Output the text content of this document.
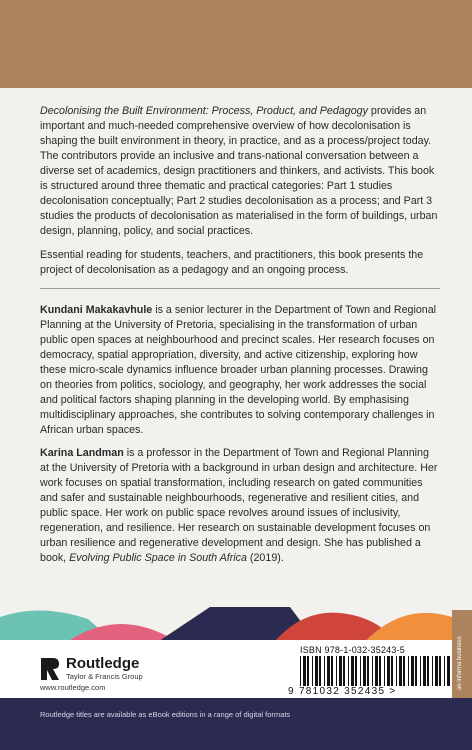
Decolonising the Built Environment: Process, Product, and Pedagogy provides an important and much-needed comprehensive overview of how decolonisation is shaping the built environment in theory, in practice, and as a process/project today. The contributors provide an inclusive and trans-national conversation between a diverse set of academics, design practitioners and thinkers, and activists. This book is structured around three thematic and practical categories: Part 1 studies decolonisation conceptually; Part 2 studies decolonisation as a process; and Part 3 studies the products of decolonisation as materialised in the form of buildings, urban design, planning, policy, and social practices.

Essential reading for students, teachers, and practitioners, this book presents the project of decolonisation as a pedagogy and an ongoing process.

Kundani Makakavhule is a senior lecturer in the Department of Town and Regional Planning at the University of Pretoria, specialising in the transformation of urban public open spaces at neighbourhood and precinct scales. Her research focuses on democracy, spatial appropriation, diversity, and active citizenship, exploring how these micro-scale dynamics influence broader urban planning processes. Drawing on theories from politics, sociology, and geography, her work addresses the social and political factors shaping planning in the developing world. By emphasising multidisciplinary approaches, she contributes to solving contemporary challenges in African urban spaces.

Karina Landman is a professor in the Department of Town and Regional Planning at the University of Pretoria with a background in urban design and architecture. Her work focuses on spatial transformation, including research on gated communities and safer and sustainable neighbourhoods, regenerative and resilient cities, and public space. Her work on public space revolves around issues of inclusivity, regeneration, and resilience. Her research on sustainable development focuses on urban resilience and regenerative development and design. She has published a book, Evolving Public Space in South Africa (2019).

Routledge
Taylor & Francis Group
www.routledge.com
ISBN 978-1-032-35243-5
9 781032 352435 >
an informa business
Routledge titles are available as eBook editions in a range of digital formats
